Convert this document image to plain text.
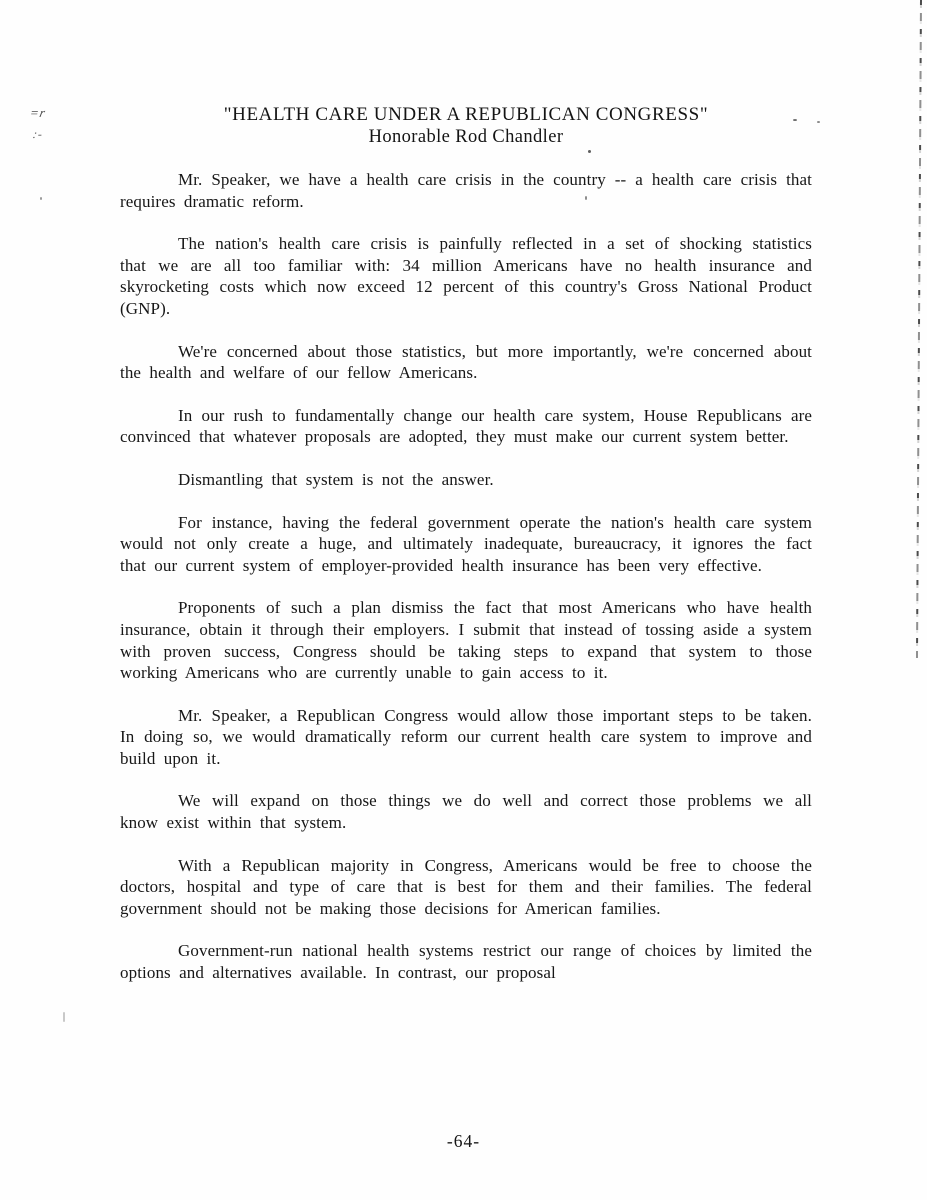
=r
:-
"HEALTH CARE UNDER A REPUBLICAN CONGRESS"
Honorable Rod Chandler

Mr. Speaker, we have a health care crisis in the country -- a health care crisis that requires dramatic reform.

The nation's health care crisis is painfully reflected in a set of shocking statistics that we are all too familiar with: 34 million Americans have no health insurance and skyrocketing costs which now exceed 12 percent of this country's Gross National Product (GNP).

We're concerned about those statistics, but more importantly, we're concerned about the health and welfare of our fellow Americans.

In our rush to fundamentally change our health care system, House Republicans are convinced that whatever proposals are adopted, they must make our current system better.

Dismantling that system is not the answer.

For instance, having the federal government operate the nation's health care system would not only create a huge, and ultimately inadequate, bureaucracy, it ignores the fact that our current system of employer-provided health insurance has been very effective.

Proponents of such a plan dismiss the fact that most Americans who have health insurance, obtain it through their employers. I submit that instead of tossing aside a system with proven success, Congress should be taking steps to expand that system to those working Americans who are currently unable to gain access to it.

Mr. Speaker, a Republican Congress would allow those important steps to be taken. In doing so, we would dramatically reform our current health care system to improve and build upon it.

We will expand on those things we do well and correct those problems we all know exist within that system.

With a Republican majority in Congress, Americans would be free to choose the doctors, hospital and type of care that is best for them and their families. The federal government should not be making those decisions for American families.

Government-run national health systems restrict our range of choices by limited the options and alternatives available. In contrast, our proposal

-64-
